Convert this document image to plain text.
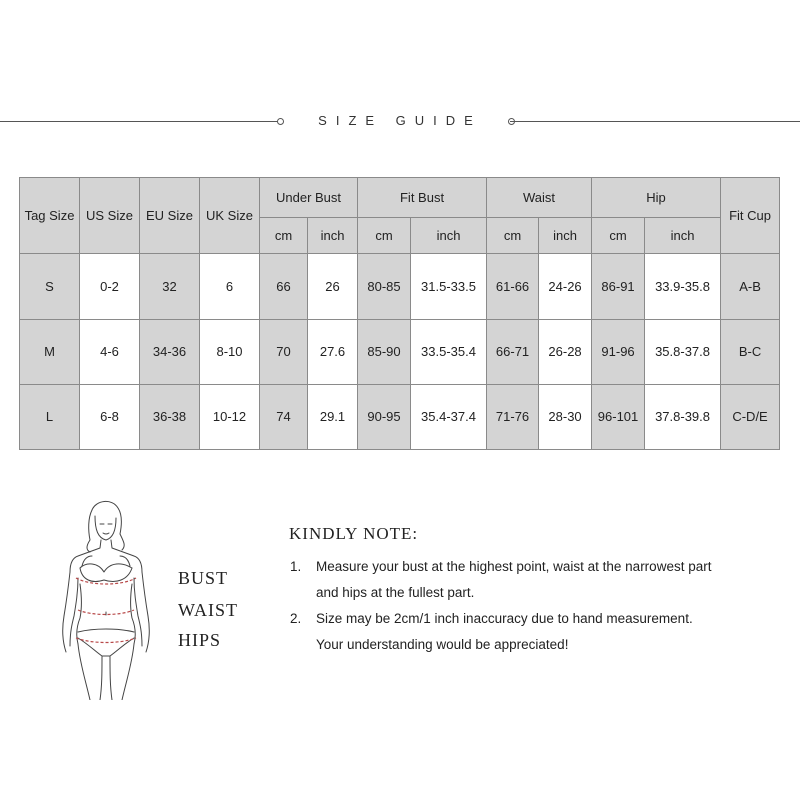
SIZE GUIDE
Tag Size	US Size	EU Size	UK Size	Under Bust		Fit Bust		Waist		Hip		Fit Cup
				cm	inch	cm	inch	cm	inch	cm	inch	
S	0-2	32	6	66	26	80-85	31.5-33.5	61-66	24-26	86-91	33.9-35.8	A-B
M	4-6	34-36	8-10	70	27.6	85-90	33.5-35.4	66-71	26-28	91-96	35.8-37.8	B-C
L	6-8	36-38	10-12	74	29.1	90-95	35.4-37.4	71-76	28-30	96-101	37.8-39.8	C-D/E
BUST
WAIST
HIPS
KINDLY NOTE:
1. Measure your bust at the highest point, waist at the narrowest part
and hips at the fullest part.
2. Size may be 2cm/1 inch inaccuracy due to hand measurement.
Your understanding would be appreciated!
